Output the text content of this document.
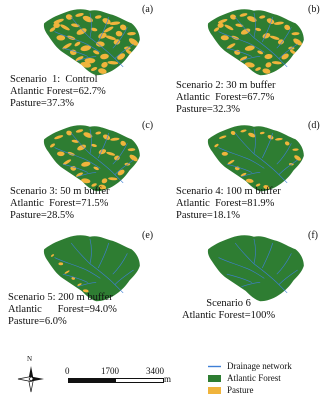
(a)
Scenario  1:  Control
Atlantic Forest=62.7%
Pasture=37.3%
(b)
Scenario 2: 30 m buffer
Atlantic  Forest=67.7%
Pasture=32.3%
(c)
Scenario 3: 50 m buffer
Atlantic  Forest=71.5%
Pasture=28.5%
(d)
Scenario 4: 100 m buffer
Atlantic  Forest=81.9%
Pasture=18.1%
(e)
Scenario 5: 200 m buffer
Atlantic      Forest=94.0%
Pasture=6.0%
(f)
Scenario 6
Atlantic Forest=100%
N
0	1700	3400
m
Drainage network
Atlantic Forest
Pasture
